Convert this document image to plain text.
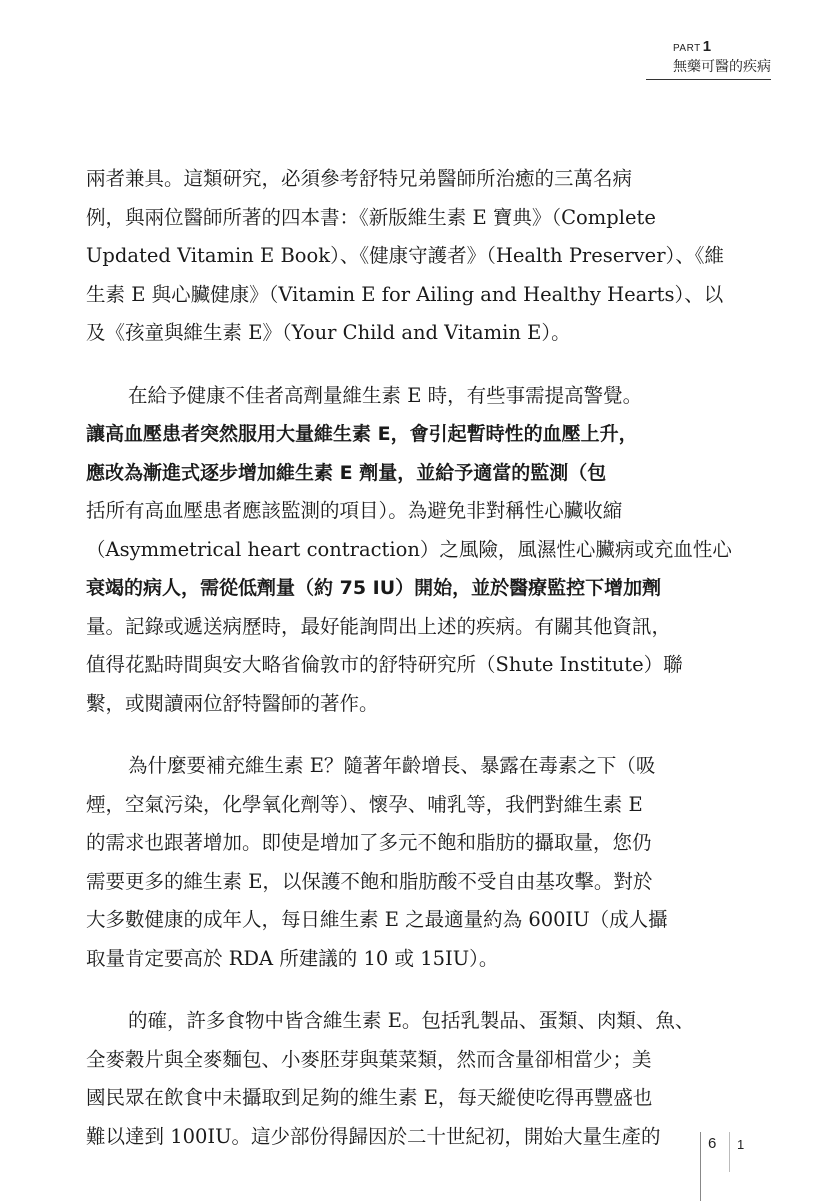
PART 1
無藥可醫的疾病
兩者兼具。這類研究，必須參考舒特兄弟醫師所治癒的三萬名病
例，與兩位醫師所著的四本書：《新版維生素 E 寶典》（Complete
Updated Vitamin E Book）、《健康守護者》（Health Preserver）、《維
生素 E 與心臟健康》（Vitamin E for Ailing and Healthy Hearts）、以
及《孩童與維生素 E》（Your Child and Vitamin E）。
在給予健康不佳者高劑量維生素 E 時，有些事需提高警覺。
讓高血壓患者突然服用大量維生素 E，會引起暫時性的血壓上升，
應改為漸進式逐步增加維生素 E 劑量，並給予適當的監測（包
括所有高血壓患者應該監測的項目）。為避免非對稱性心臟收縮
（Asymmetrical heart contraction）之風險，風濕性心臟病或充血性心
衰竭的病人，需從低劑量（約 75 IU）開始，並於醫療監控下增加劑
量。記錄或遞送病歷時，最好能詢問出上述的疾病。有關其他資訊，
值得花點時間與安大略省倫敦市的舒特研究所（Shute Institute）聯
繫，或閱讀兩位舒特醫師的著作。
為什麼要補充維生素 E？隨著年齡增長、暴露在毒素之下（吸
煙，空氣污染，化學氧化劑等）、懷孕、哺乳等，我們對維生素 E
的需求也跟著增加。即使是增加了多元不飽和脂肪的攝取量，您仍
需要更多的維生素 E，以保護不飽和脂肪酸不受自由基攻擊。對於
大多數健康的成年人，每日維生素 E 之最適量約為 600IU（成人攝
取量肯定要高於 RDA 所建議的 10 或 15IU）。
的確，許多食物中皆含維生素 E。包括乳製品、蛋類、肉類、魚、
全麥穀片與全麥麵包、小麥胚芽與葉菜類，然而含量卻相當少；美
國民眾在飲食中未攝取到足夠的維生素 E，每天縱使吃得再豐盛也
難以達到 100IU。這少部份得歸因於二十世紀初，開始大量生產的	6 1
